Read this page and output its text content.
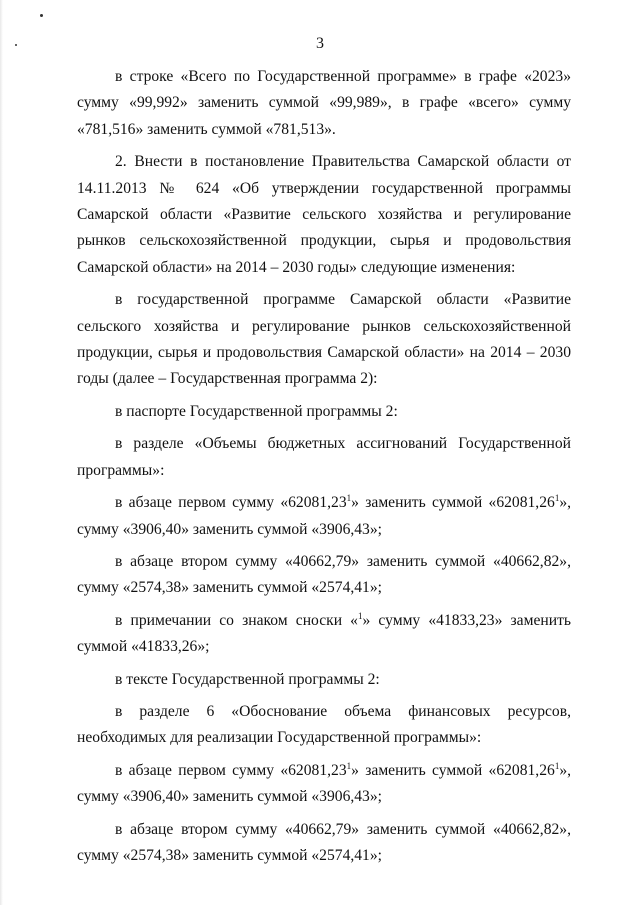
3

в строке «Всего по Государственной программе» в графе «2023» сумму «99,992» заменить суммой «99,989», в графе «всего» сумму «781,516» заменить суммой «781,513».

2. Внести в постановление Правительства Самарской области от 14.11.2013 № 624 «Об утверждении государственной программы Самарской области «Развитие сельского хозяйства и регулирование рынков сельскохозяйственной продукции, сырья и продовольствия Самарской области» на 2014 – 2030 годы» следующие изменения:

в государственной программе Самарской области «Развитие сельского хозяйства и регулирование рынков сельскохозяйственной продукции, сырья и продовольствия Самарской области» на 2014 – 2030 годы (далее – Государственная программа 2):

в паспорте Государственной программы 2:

в разделе «Объемы бюджетных ассигнований Государственной программы»:

в абзаце первом сумму «62081,23$^1$» заменить суммой «62081,26$^1$», сумму «3906,40» заменить суммой «3906,43»;

в абзаце втором сумму «40662,79» заменить суммой «40662,82», сумму «2574,38» заменить суммой «2574,41»;

в примечании со знаком сноски «$^1$» сумму «41833,23» заменить суммой «41833,26»;

в тексте Государственной программы 2:

в разделе 6 «Обоснование объема финансовых ресурсов, необходимых для реализации Государственной программы»:

в абзаце первом сумму «62081,23$^1$» заменить суммой «62081,26$^1$», сумму «3906,40» заменить суммой «3906,43»;

в абзаце втором сумму «40662,79» заменить суммой «40662,82», сумму «2574,38» заменить суммой «2574,41»;
